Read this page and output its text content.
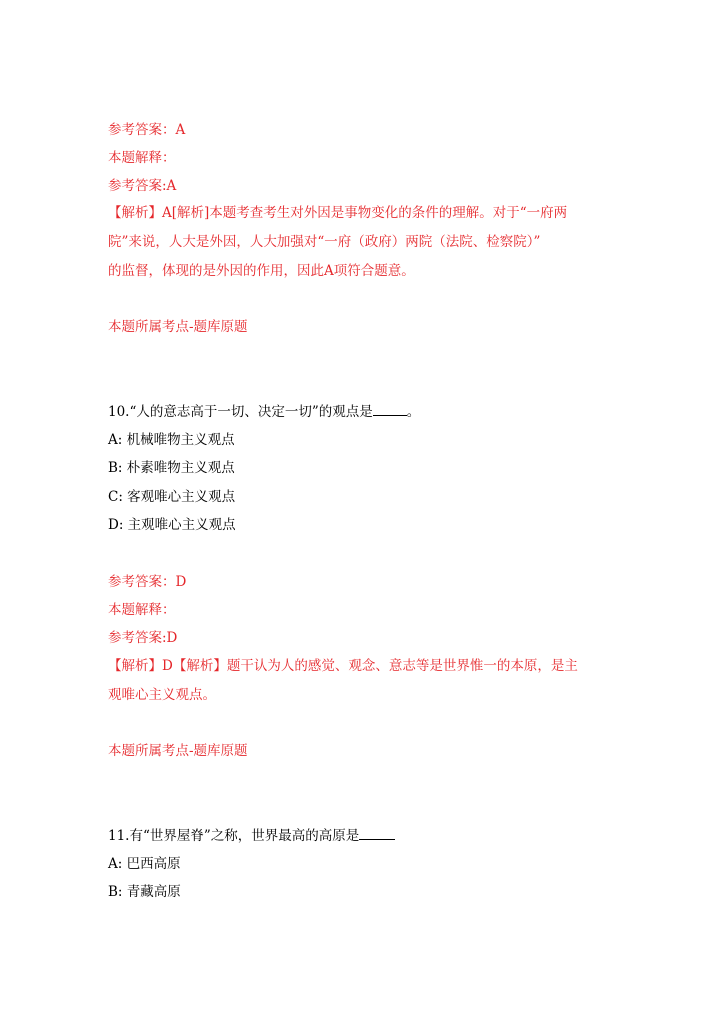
参考答案：A
本题解释：
参考答案:A
【解析】A[解析]本题考查考生对外因是事物变化的条件的理解。对于“一府两
院”来说，人大是外因，人大加强对“一府（政府）两院（法院、检察院）”
的监督，体现的是外因的作用，因此A项符合题意。
本题所属考点-题库原题
10.“人的意志高于一切、决定一切”的观点是	。
A: 机械唯物主义观点
B: 朴素唯物主义观点
C: 客观唯心主义观点
D: 主观唯心主义观点
参考答案：D
本题解释：
参考答案:D
【解析】D【解析】题干认为人的感觉、观念、意志等是世界惟一的本原，是主
观唯心主义观点。
本题所属考点-题库原题
11.有“世界屋脊”之称，世界最高的高原是
A: 巴西高原
B: 青藏高原
